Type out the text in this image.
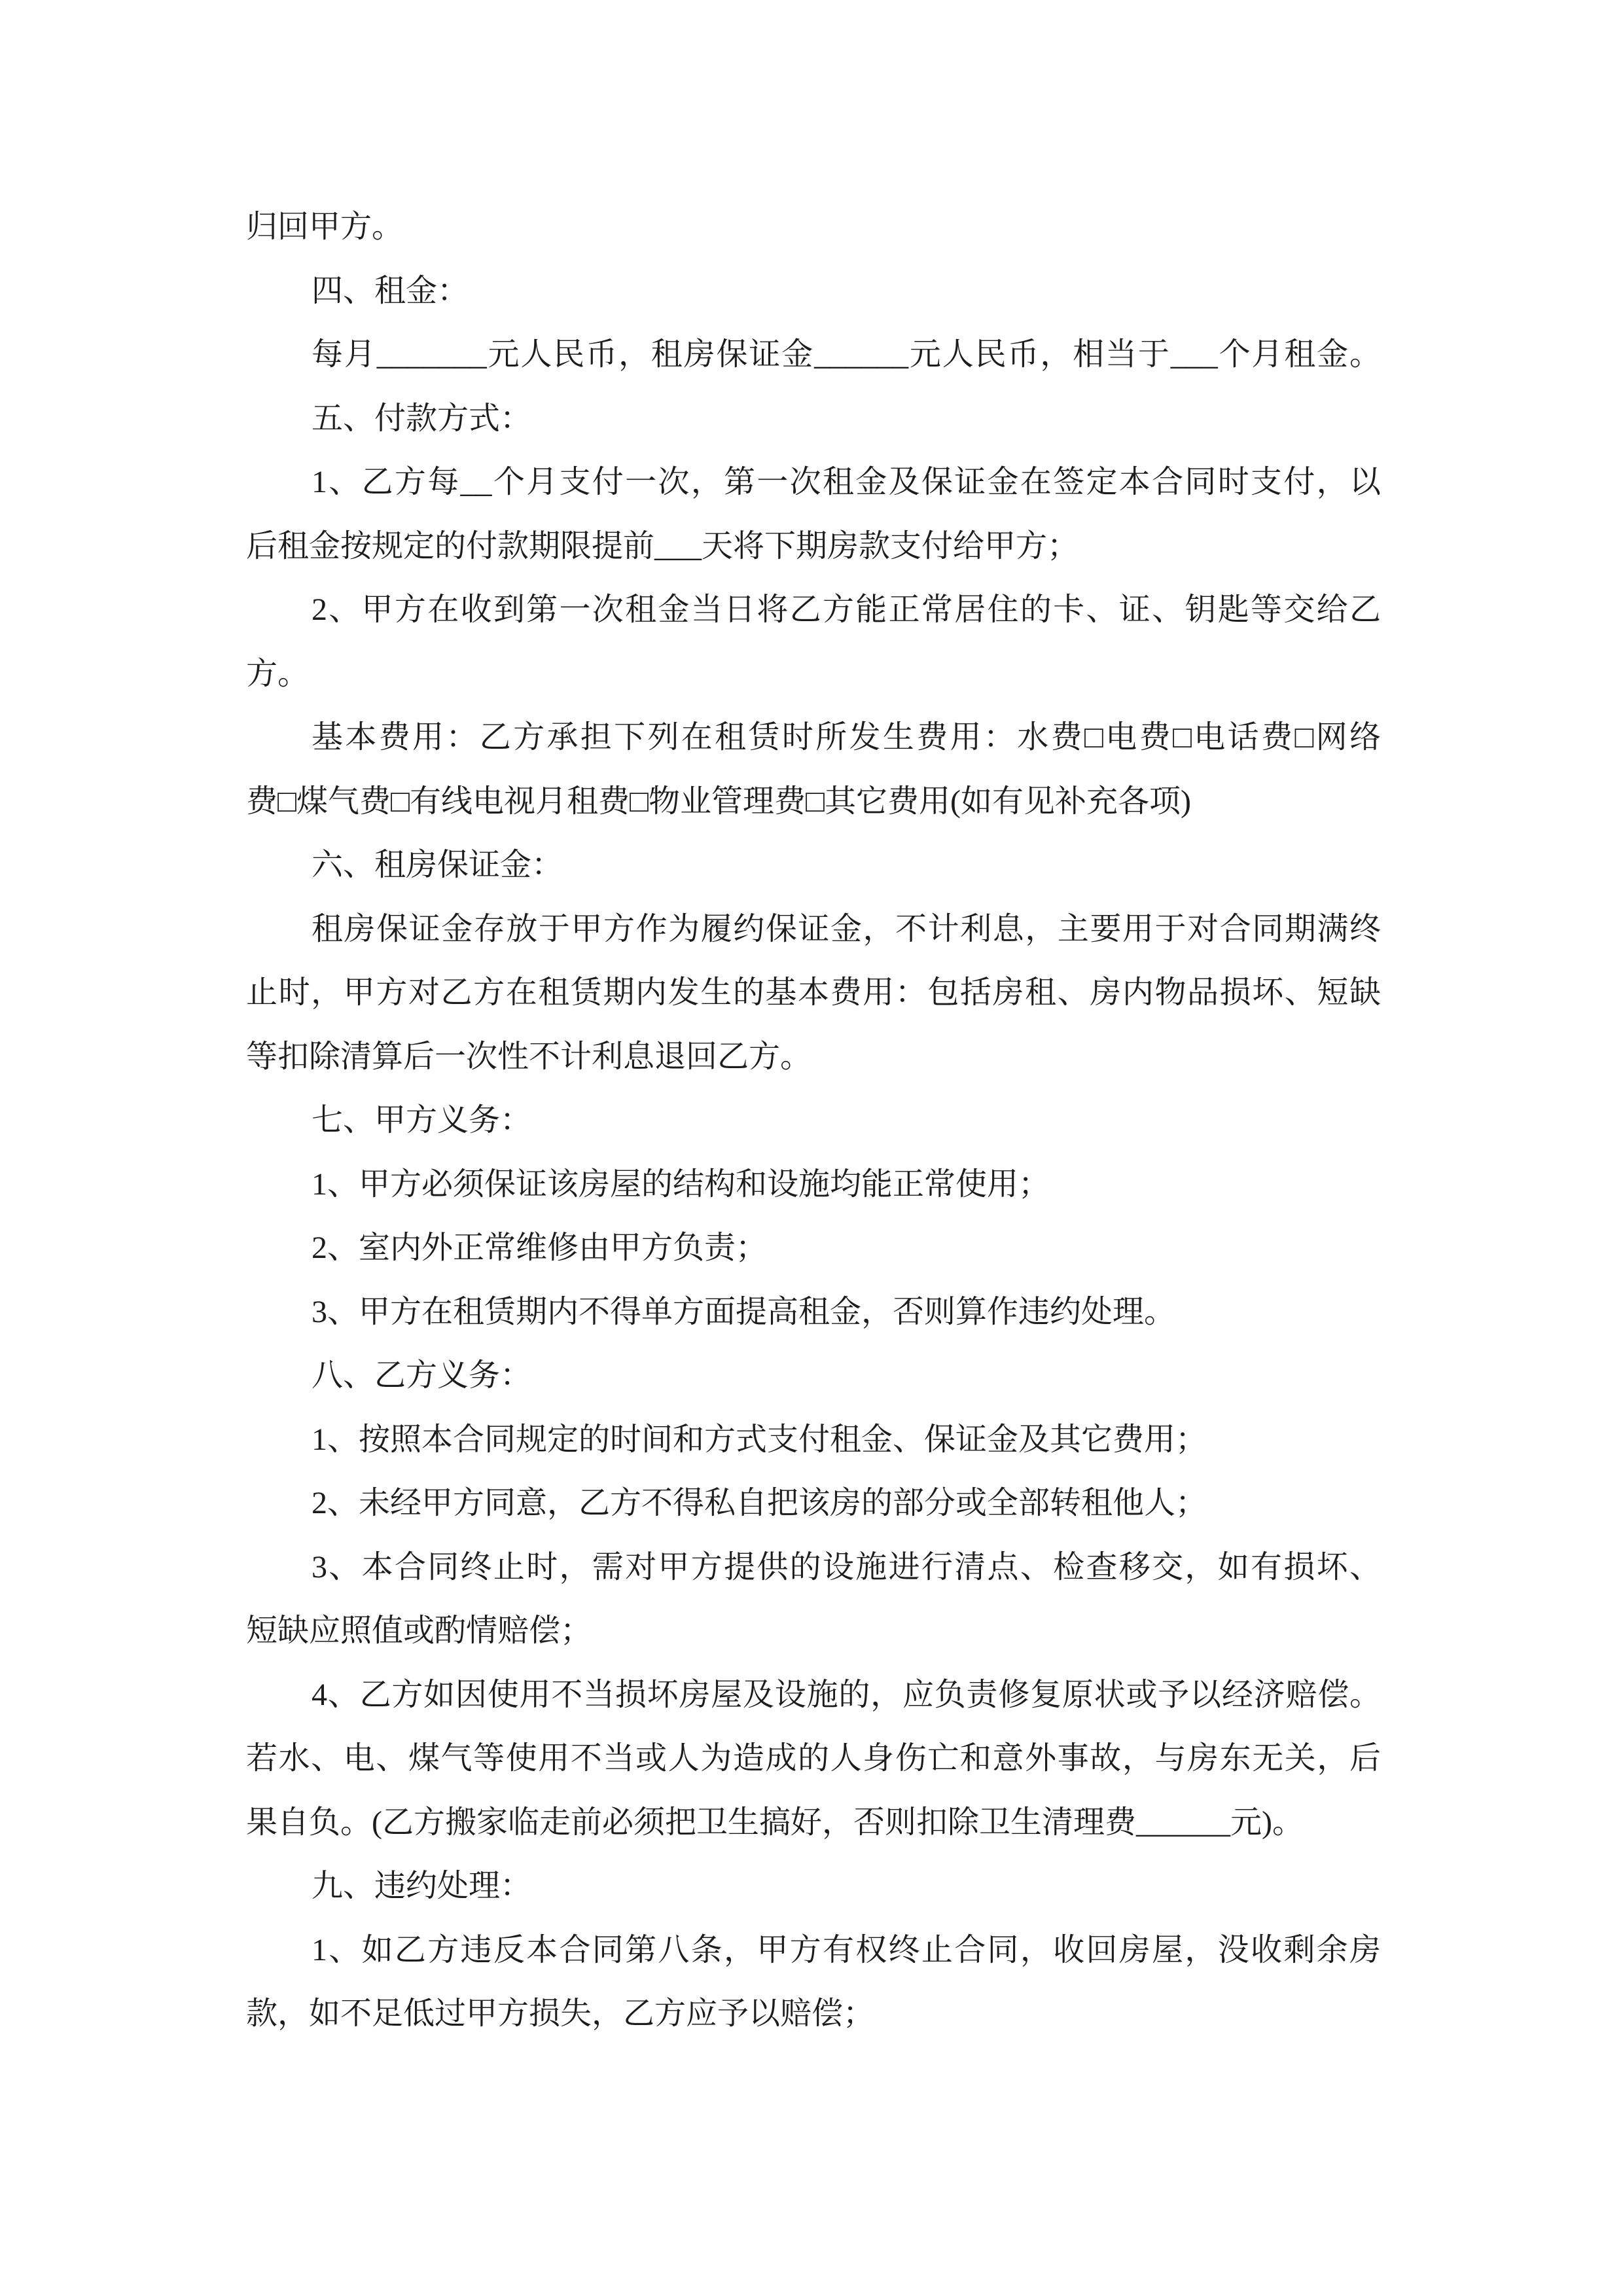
归回甲方。
四、租金：
每月_______元人民币，租房保证金______元人民币，相当于___个月租金。
五、付款方式：
1、乙方每__个月支付一次，第一次租金及保证金在签定本合同时支付，以
后租金按规定的付款期限提前___天将下期房款支付给甲方；
2、甲方在收到第一次租金当日将乙方能正常居住的卡、证、钥匙等交给乙
方。
基本费用：乙方承担下列在租赁时所发生费用：水费□电费□电话费□网络
费□煤气费□有线电视月租费□物业管理费□其它费用(如有见补充各项)
六、租房保证金：
租房保证金存放于甲方作为履约保证金，不计利息，主要用于对合同期满终
止时，甲方对乙方在租赁期内发生的基本费用：包括房租、房内物品损坏、短缺
等扣除清算后一次性不计利息退回乙方。
七、甲方义务：
1、甲方必须保证该房屋的结构和设施均能正常使用；
2、室内外正常维修由甲方负责；
3、甲方在租赁期内不得单方面提高租金，否则算作违约处理。
八、乙方义务：
1、按照本合同规定的时间和方式支付租金、保证金及其它费用；
2、未经甲方同意，乙方不得私自把该房的部分或全部转租他人；
3、本合同终止时，需对甲方提供的设施进行清点、检查移交，如有损坏、
短缺应照值或酌情赔偿；
4、乙方如因使用不当损坏房屋及设施的，应负责修复原状或予以经济赔偿。
若水、电、煤气等使用不当或人为造成的人身伤亡和意外事故，与房东无关，后
果自负。(乙方搬家临走前必须把卫生搞好，否则扣除卫生清理费______元)。
九、违约处理：
1、如乙方违反本合同第八条，甲方有权终止合同，收回房屋，没收剩余房
款，如不足低过甲方损失，乙方应予以赔偿；
